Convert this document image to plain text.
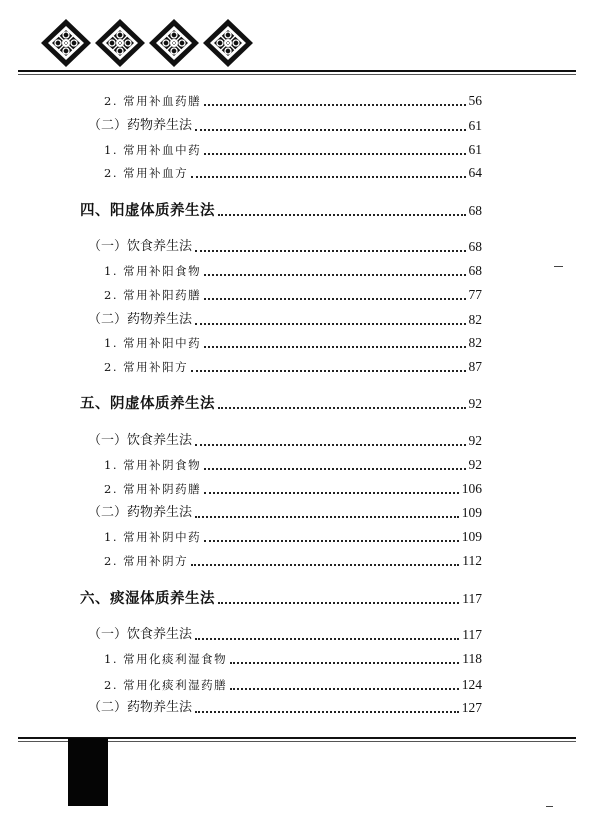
2. 常用补血药膳	56
（二）药物养生法	61
1. 常用补血中药	61
2. 常用补血方	64
四、阳虚体质养生法	68
（一）饮食养生法	68
1. 常用补阳食物	68
2. 常用补阳药膳	77
（二）药物养生法	82
1. 常用补阳中药	82
2. 常用补阳方	87
五、阴虚体质养生法	92
（一）饮食养生法	92
1. 常用补阴食物	92
2. 常用补阴药膳	106
（二）药物养生法	109
1. 常用补阴中药	109
2. 常用补阴方	112
六、痰湿体质养生法	117
（一）饮食养生法	117
1. 常用化痰利湿食物	118
2. 常用化痰利湿药膳	124
（二）药物养生法	127
